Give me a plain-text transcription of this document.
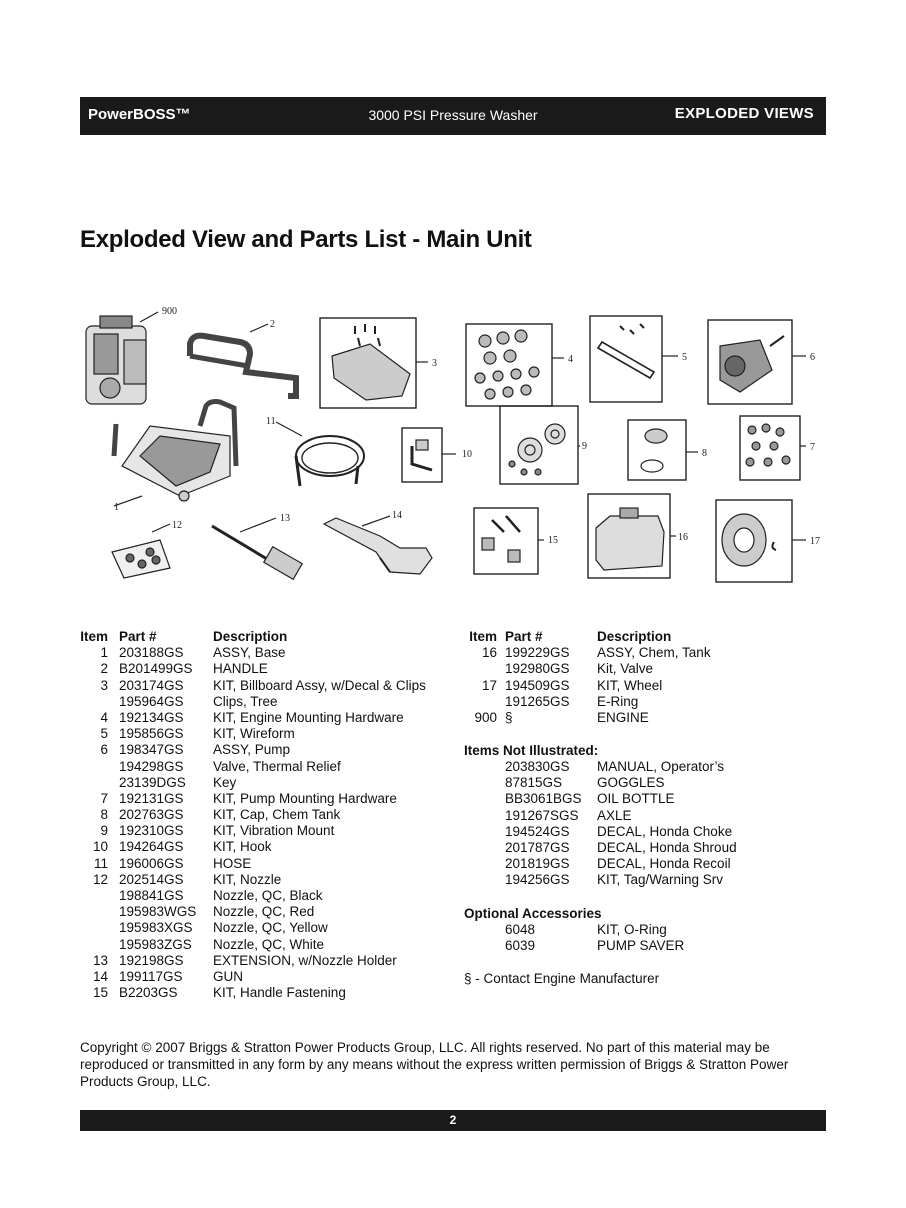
PowerBOSS™	3000 PSI Pressure Washer	EXPLODED VIEWS
Exploded View and Parts List - Main Unit
900
2
3	4	5	6
11
10
9
8
7
1
12
13	14
15	16	17
Item Part #	Description
1 203188GS ASSY, Base
2 B201499GS HANDLE
3 203174GS KIT, Billboard Assy, w/Decal & Clips
195964GS Clips, Tree
4 192134GS KIT, Engine Mounting Hardware
5 195856GS KIT, Wireform
6 198347GS ASSY, Pump
194298GS Valve, Thermal Relief
23139DGS Key
7 192131GS KIT, Pump Mounting Hardware
8 202763GS KIT, Cap, Chem Tank
9 192310GS KIT, Vibration Mount
10 194264GS KIT, Hook
11 196006GS HOSE
12 202514GS KIT, Nozzle
198841GS Nozzle, QC, Black
195983WGS Nozzle, QC, Red
195983XGS Nozzle, QC, Yellow
195983ZGS Nozzle, QC, White
13 192198GS EXTENSION, w/Nozzle Holder
14 199117GS GUN
15 B2203GS	KIT, Handle Fastening
Item Part #	Description
16 199229GS ASSY, Chem, Tank
192980GS Kit, Valve
17 194509GS KIT, Wheel
191265GS E-Ring
900 §	ENGINE
Items Not Illustrated:
203830GS MANUAL, Operator’s
87815GS	GOGGLES
BB3061BGS OIL BOTTLE
191267SGS AXLE
194524GS DECAL, Honda Choke
201787GS DECAL, Honda Shroud
201819GS DECAL, Honda Recoil
194256GS KIT, Tag/Warning Srv
Optional Accessories
6048	KIT, O-Ring
6039	PUMP SAVER
§ - Contact Engine Manufacturer
Copyright © 2007 Briggs & Stratton Power Products Group, LLC. All rights reserved. No part of this material may be
reproduced or transmitted in any form by any means without the express written permission of Briggs & Stratton Power
Products Group, LLC.
2
